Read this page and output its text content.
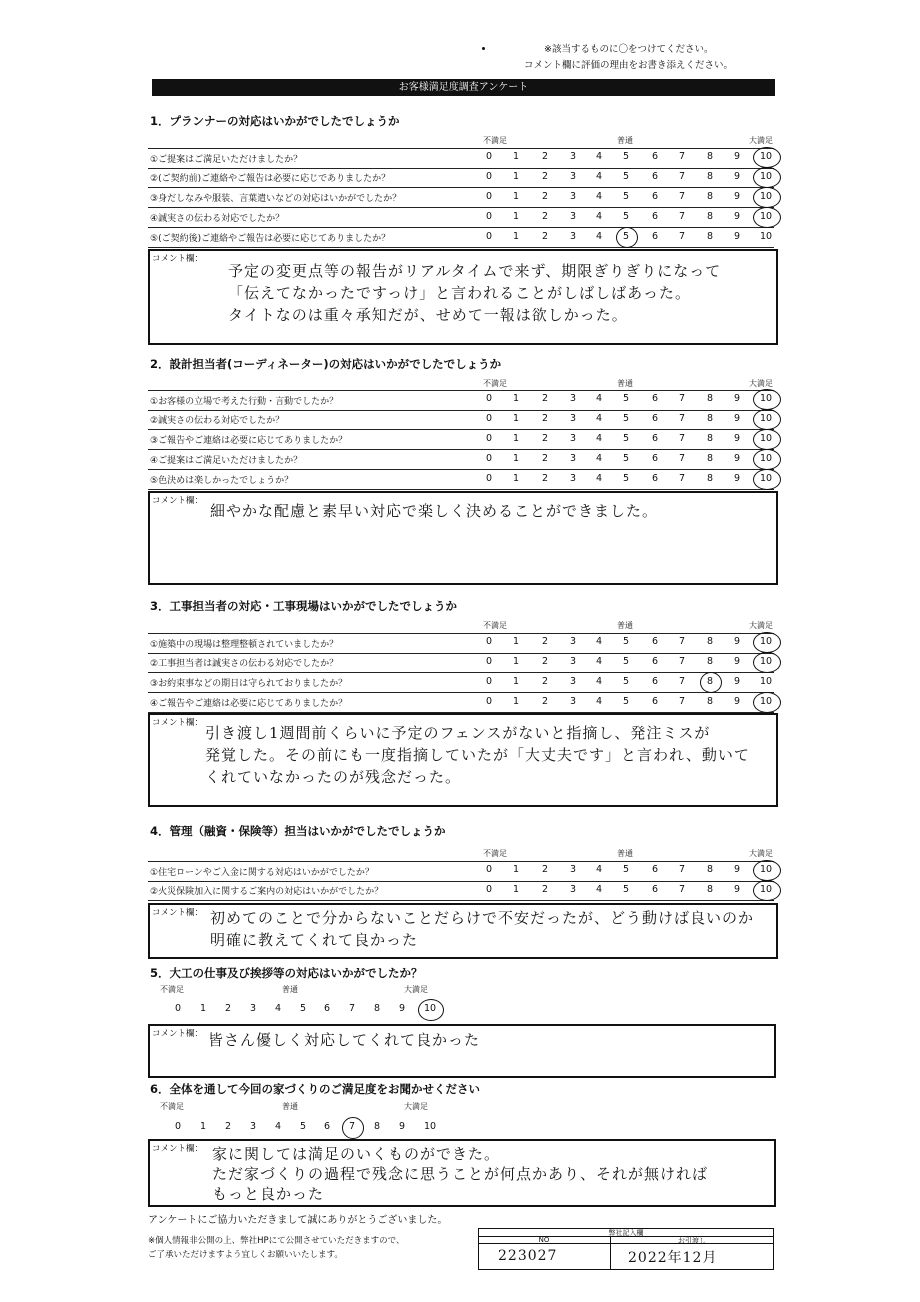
※該当するものに〇をつけてください。
コメント欄に評価の理由をお書き添えください。
お客様満足度調査アンケート
1．プランナーの対応はいかがでしたでしょうか
不満足	普通	大満足
①ご提案はご満足いただけましたか？	0	1	2	3	4	5	6	7	8	9	10
②(ご契約前)ご連絡やご報告は必要に応じでありましたか？	0	1	2	3	4	5	6	7	8	9	10
③身だしなみや服装、言葉遣いなどの対応はいかがでしたか？	0	1	2	3	4	5	6	7	8	9	10
④誠実さの伝わる対応でしたか？	0	1	2	3	4	5	6	7	8	9	10
⑤(ご契約後)ご連絡やご報告は必要に応じてありましたか？	0	1	2	3	4	5	6	7	8	9	10
コメント欄：
予定の変更点等の報告がリアルタイムで来ず、期限ぎりぎりになって
「伝えてなかったですっけ」と言われることがしばしばあった。
タイトなのは重々承知だが、せめて一報は欲しかった。
2．設計担当者(コーディネーター)の対応はいかがでしたでしょうか
不満足	普通	大満足
①お客様の立場で考えた行動・言動でしたか？	0	1	2	3	4	5	6	7	8	9	10
②誠実さの伝わる対応でしたか？	0	1	2	3	4	5	6	7	8	9	10
③ご報告やご連絡は必要に応じてありましたか？	0	1	2	3	4	5	6	7	8	9	10
④ご提案はご満足いただけましたか？	0	1	2	3	4	5	6	7	8	9	10
⑤色決めは楽しかったでしょうか？	0	1	2	3	4	5	6	7	8	9	10
コメント欄：
細やかな配慮と素早い対応で楽しく決めることができました。
3．工事担当者の対応・工事現場はいかがでしたでしょうか
不満足	普通	大満足
①施築中の現場は整理整頓されていましたか？	0	1	2	3	4	5	6	7	8	9	10
②工事担当者は誠実さの伝わる対応でしたか？	0	1	2	3	4	5	6	7	8	9	10
③お約束事などの期日は守られておりましたか？	0	1	2	3	4	5	6	7	8	9	10
④ご報告やご連絡は必要に応じてありましたか？	0	1	2	3	4	5	6	7	8	9	10
コメント欄：
引き渡し1週間前くらいに予定のフェンスがないと指摘し、発注ミスが
発覚した。その前にも一度指摘していたが「大丈夫です」と言われ、動いて
くれていなかったのが残念だった。
4．管理（融資・保険等）担当はいかがでしたでしょうか
不満足	普通	大満足
①住宅ローンやご入金に関する対応はいかがでしたか？	0	1	2	3	4	5	6	7	8	9	10
②火災保険加入に関するご案内の対応はいかがでしたか？	0	1	2	3	4	5	6	7	8	9	10
コメント欄： 初めてのことで分からないことだらけで不安だったが、どう動けば良いのか
明確に教えてくれて良かった
5．大工の仕事及び挨拶等の対応はいかがでしたか？
不満足	普通	大満足
0	1	2	3	4	5	6	7	8	9	10
コメント欄： 皆さん優しく対応してくれて良かった
6．全体を通して今回の家づくりのご満足度をお聞かせください
不満足	普通	大満足
0	1	2	3	4	5	6	7	8	9	10
コメント欄： 家に関しては満足のいくものができた。
ただ家づくりの過程で残念に思うことが何点かあり、それが無ければ
もっと良かった
アンケートにご協力いただきまして誠にありがとうございました。
※個人情報非公開の上、弊社HPにて公開させていただきますので、
ご了承いただけますよう宜しくお願いいたします。
弊社記入欄
NO	お引渡し
223027	2022年12月
